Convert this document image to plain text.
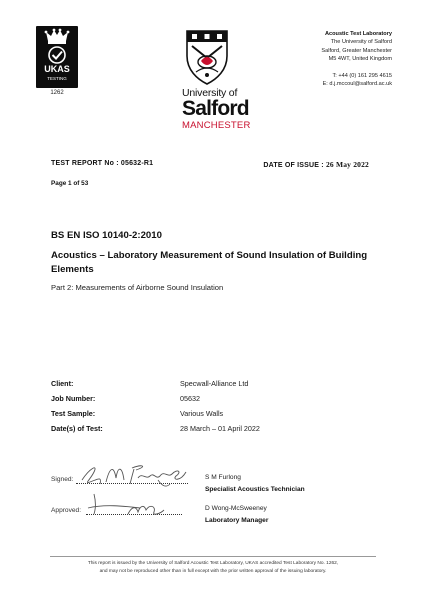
UKAS
TESTING
1262	University of
Salford
MANCHESTER
Acoustic Test Laboratory
The University of Salford
Salford, Greater Manchester
M5 4WT, United Kingdom
T: +44 (0) 161 295 4615
E: d.j.mccoul@salford.ac.uk
TEST REPORT No : 05632-R1	DATE OF ISSUE : 26 May 2022
Page 1 of 53
BS EN ISO 10140-2:2010
Acoustics – Laboratory Measurement of Sound Insulation of Building Elements
Part 2: Measurements of Airborne Sound Insulation
Client:	Specwall-Alliance Ltd
Job Number:	05632
Test Sample:	Various Walls
Date(s) of Test:	28 March – 01 April 2022
Signed:	S M Furlong
Specialist Acoustics Technician
Approved:	D Wong-McSweeney
Laboratory Manager
This report is issued by the University of Salford Acoustic Test Laboratory, UKAS accredited Test Laboratory No. 1262,
and may not be reproduced other than in full except with the prior written approval of the issuing laboratory.
